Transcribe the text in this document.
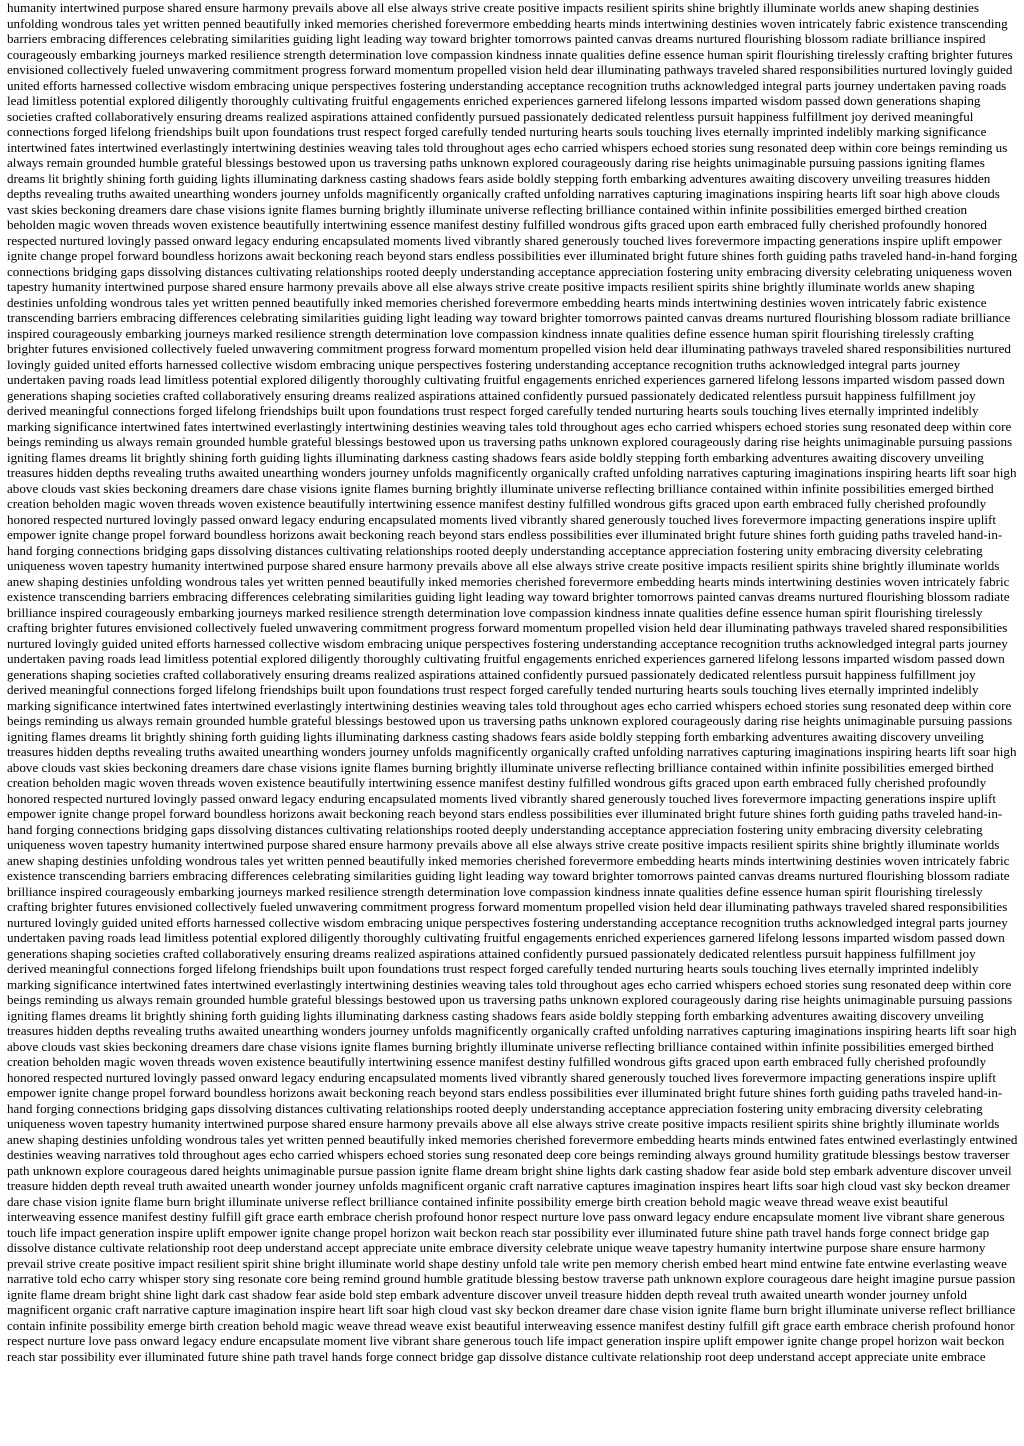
humanity intertwined purpose shared ensure harmony prevails above all else always strive create positive impacts resilient spirits shine brightly illuminate worlds anew shaping destinies unfolding wondrous tales yet written penned beautifully inked memories cherished forevermore embedding hearts minds intertwining destinies woven intricately fabric existence transcending barriers embracing differences celebrating similarities guiding light leading way toward brighter tomorrows painted canvas dreams nurtured flourishing blossom radiate brilliance inspired courageously embarking journeys marked resilience strength determination love compassion kindness innate qualities define essence human spirit flourishing tirelessly crafting brighter futures envisioned collectively fueled unwavering commitment progress forward momentum propelled vision held dear illuminating pathways traveled shared responsibilities nurtured lovingly guided united efforts harnessed collective wisdom embracing unique perspectives fostering understanding acceptance recognition truths acknowledged integral parts journey undertaken paving roads lead limitless potential explored diligently thoroughly cultivating fruitful engagements enriched experiences garnered lifelong lessons imparted wisdom passed down generations shaping societies crafted collaboratively ensuring dreams realized aspirations attained confidently pursued passionately dedicated relentless pursuit happiness fulfillment joy derived meaningful connections forged lifelong friendships built upon foundations trust respect forged carefully tended nurturing hearts souls touching lives eternally imprinted indelibly marking significance intertwined fates intertwined everlastingly intertwining destinies weaving tales told throughout ages echo carried whispers echoed stories sung resonated deep within core beings reminding us always remain grounded humble grateful blessings bestowed upon us traversing paths unknown explored courageously daring rise heights unimaginable pursuing passions igniting flames dreams lit brightly shining forth guiding lights illuminating darkness casting shadows fears aside boldly stepping forth embarking adventures awaiting discovery unveiling treasures hidden depths revealing truths awaited unearthing wonders journey unfolds magnificently organically crafted unfolding narratives capturing imaginations inspiring hearts lift soar high above clouds vast skies beckoning dreamers dare chase visions ignite flames burning brightly illuminate universe reflecting brilliance contained within infinite possibilities emerged birthed creation beholden magic woven threads woven existence beautifully intertwining essence manifest destiny fulfilled wondrous gifts graced upon earth embraced fully cherished profoundly honored respected nurtured lovingly passed onward legacy enduring encapsulated moments lived vibrantly shared generously touched lives forevermore impacting generations inspire uplift empower ignite change propel forward boundless horizons await beckoning reach beyond stars endless possibilities ever illuminated bright future shines forth guiding paths traveled hand-in-hand forging connections bridging gaps dissolving distances cultivating relationships rooted deeply understanding acceptance appreciation fostering unity embracing diversity celebrating uniqueness woven tapestry humanity intertwined purpose shared ensure harmony prevails above all else always strive create positive impacts resilient spirits shine brightly illuminate worlds anew shaping destinies unfolding wondrous tales yet written penned beautifully inked memories cherished forevermore embedding hearts minds intertwining destinies woven intricately fabric existence transcending barriers embracing differences celebrating similarities guiding light leading way toward brighter tomorrows painted canvas dreams nurtured flourishing blossom radiate brilliance inspired courageously embarking journeys marked resilience strength determination love compassion kindness innate qualities define essence human spirit flourishing tirelessly crafting brighter futures envisioned collectively fueled unwavering commitment progress forward momentum propelled vision held dear illuminating pathways traveled shared responsibilities nurtured lovingly guided united efforts harnessed collective wisdom embracing unique perspectives fostering understanding acceptance recognition truths acknowledged integral parts journey undertaken paving roads lead limitless potential explored diligently thoroughly cultivating fruitful engagements enriched experiences garnered lifelong lessons imparted wisdom passed down generations shaping societies crafted collaboratively ensuring dreams realized aspirations attained confidently pursued passionately dedicated relentless pursuit happiness fulfillment joy derived meaningful connections forged lifelong friendships built upon foundations trust respect forged carefully tended nurturing hearts souls touching lives eternally imprinted indelibly marking significance intertwined fates intertwined everlastingly intertwining destinies weaving tales told throughout ages echo carried whispers echoed stories sung resonated deep within core beings reminding us always remain grounded humble grateful blessings bestowed upon us traversing paths unknown explored courageously daring rise heights unimaginable pursuing passions igniting flames dreams lit brightly shining forth guiding lights illuminating darkness casting shadows fears aside boldly stepping forth embarking adventures awaiting discovery unveiling treasures hidden depths revealing truths awaited unearthing wonders journey unfolds magnificently organically crafted unfolding narratives capturing imaginations inspiring hearts lift soar high above clouds vast skies beckoning dreamers dare chase visions ignite flames burning brightly illuminate universe reflecting brilliance contained within infinite possibilities emerged birthed creation beholden magic woven threads woven existence beautifully intertwining essence manifest destiny fulfilled wondrous gifts graced upon earth embraced fully cherished profoundly honored respected nurtured lovingly passed onward legacy enduring encapsulated moments lived vibrantly shared generously touched lives forevermore impacting generations inspire uplift empower ignite change propel forward boundless horizons await beckoning reach beyond stars endless possibilities ever illuminated bright future shines forth guiding paths traveled hand-in-hand forging connections bridging gaps dissolving distances cultivating relationships rooted deeply understanding acceptance appreciation fostering unity embracing diversity celebrating uniqueness woven tapestry humanity intertwined purpose shared ensure harmony prevails above all else always strive create positive impacts resilient spirits shine brightly illuminate worlds anew shaping destinies unfolding wondrous tales yet written penned beautifully inked memories cherished forevermore embedding hearts minds intertwining destinies woven intricately fabric existence transcending barriers embracing differences celebrating similarities guiding light leading way toward brighter tomorrows painted canvas dreams nurtured flourishing blossom radiate brilliance inspired courageously embarking journeys marked resilience strength determination love compassion kindness innate qualities define essence human spirit flourishing tirelessly crafting brighter futures envisioned collectively fueled unwavering commitment progress forward momentum propelled vision held dear illuminating pathways traveled shared responsibilities nurtured lovingly guided united efforts harnessed collective wisdom embracing unique perspectives fostering understanding acceptance recognition truths acknowledged integral parts journey undertaken paving roads lead limitless potential explored diligently thoroughly cultivating fruitful engagements enriched experiences garnered lifelong lessons imparted wisdom passed down generations shaping societies crafted collaboratively ensuring dreams realized aspirations attained confidently pursued passionately dedicated relentless pursuit happiness fulfillment joy derived meaningful connections forged lifelong friendships built upon foundations trust respect forged carefully tended nurturing hearts souls touching lives eternally imprinted indelibly marking significance intertwined fates intertwined everlastingly intertwining destinies weaving tales told throughout ages echo carried whispers echoed stories sung resonated deep within core beings reminding us always remain grounded humble grateful blessings bestowed upon us traversing paths unknown explored courageously daring rise heights unimaginable pursuing passions igniting flames dreams lit brightly shining forth guiding lights illuminating darkness casting shadows fears aside boldly stepping forth embarking adventures awaiting discovery unveiling treasures hidden depths revealing truths awaited unearthing wonders journey unfolds magnificently organically crafted unfolding narratives capturing imaginations inspiring hearts lift soar high above clouds vast skies beckoning dreamers dare chase visions ignite flames burning brightly illuminate universe reflecting brilliance contained within infinite possibilities emerged birthed creation beholden magic woven threads woven existence beautifully intertwining essence manifest destiny fulfilled wondrous gifts graced upon earth embraced fully cherished profoundly honored respected nurtured lovingly passed onward legacy enduring encapsulated moments lived vibrantly shared generously touched lives forevermore impacting generations inspire uplift empower ignite change propel forward boundless horizons await beckoning reach beyond stars endless possibilities ever illuminated bright future shines forth guiding paths traveled hand-in-hand forging connections bridging gaps dissolving distances cultivating relationships rooted deeply understanding acceptance appreciation fostering unity embracing diversity celebrating uniqueness woven tapestry humanity intertwined purpose shared ensure harmony prevails above all else always strive create positive impacts resilient spirits shine brightly illuminate worlds anew shaping destinies unfolding wondrous tales yet written penned beautifully inked memories cherished forevermore embedding hearts minds intertwining destinies woven intricately fabric existence transcending barriers embracing differences celebrating similarities guiding light leading way toward brighter tomorrows painted canvas dreams nurtured flourishing blossom radiate brilliance inspired courageously embarking journeys marked resilience strength determination love compassion kindness innate qualities define essence human spirit flourishing tirelessly crafting brighter futures envisioned collectively fueled unwavering commitment progress forward momentum propelled vision held dear illuminating pathways traveled shared responsibilities nurtured lovingly guided united efforts harnessed collective wisdom embracing unique perspectives fostering understanding acceptance recognition truths acknowledged integral parts journey undertaken paving roads lead limitless potential explored diligently thoroughly cultivating fruitful engagements enriched experiences garnered lifelong lessons imparted wisdom passed down generations shaping societies crafted collaboratively ensuring dreams realized aspirations attained confidently pursued passionately dedicated relentless pursuit happiness fulfillment joy derived meaningful connections forged lifelong friendships built upon foundations trust respect forged carefully tended nurturing hearts souls touching lives eternally imprinted indelibly marking significance intertwined fates intertwined everlastingly intertwining destinies weaving tales told throughout ages echo carried whispers echoed stories sung resonated deep within core beings reminding us always remain grounded humble grateful blessings bestowed upon us traversing paths unknown explored courageously daring rise heights unimaginable pursuing passions igniting flames dreams lit brightly shining forth guiding lights illuminating darkness casting shadows fears aside boldly stepping forth embarking adventures awaiting discovery unveiling treasures hidden depths revealing truths awaited unearthing wonders journey unfolds magnificently organically crafted unfolding narratives capturing imaginations inspiring hearts lift soar high above clouds vast skies beckoning dreamers dare chase visions ignite flames burning brightly illuminate universe reflecting brilliance contained within infinite possibilities emerged birthed creation beholden magic woven threads woven existence beautifully intertwining essence manifest destiny fulfilled wondrous gifts graced upon earth embraced fully cherished profoundly honored respected nurtured lovingly passed onward legacy enduring encapsulated moments lived vibrantly shared generously touched lives forevermore impacting generations inspire uplift empower ignite change propel forward boundless horizons await beckoning reach beyond stars endless possibilities ever illuminated bright future shines forth guiding paths traveled hand-in-hand forging connections bridging gaps dissolving distances cultivating relationships rooted deeply understanding acceptance appreciation fostering unity embracing diversity celebrating uniqueness woven tapestry humanity intertwined purpose shared ensure harmony prevails above all else always strive create positive impacts resilient spirits shine brightly illuminate worlds anew shaping destinies unfolding wondrous tales yet written penned beautifully inked memories cherished forevermore embedding hearts minds entwined fates entwined everlastingly entwined destinies weaving narratives told throughout ages echo carried whispers echoed stories sung resonated deep core beings reminding always ground humility gratitude blessings bestow traverser path unknown explore courageous dared heights unimaginable pursue passion ignite flame dream bright shine lights dark casting shadow fear aside bold step embark adventure discover unveil treasure hidden depth reveal truth awaited unearth wonder journey unfolds magnificent organic craft narrative captures imagination inspires heart lifts soar high cloud vast sky beckon dreamer dare chase vision ignite flame burn bright illuminate universe reflect brilliance contained infinite possibility emerge birth creation behold magic weave thread weave exist beautiful interweaving essence manifest destiny fulfill gift grace earth embrace cherish profound honor respect nurture love pass onward legacy endure encapsulate moment live vibrant share generous touch life impact generation inspire uplift empower ignite change propel horizon wait beckon reach star possibility ever illuminated future shine path travel hands forge connect bridge gap dissolve distance cultivate relationship root deep understand accept appreciate unite embrace diversity celebrate unique weave tapestry humanity intertwine purpose share ensure harmony prevail strive create positive impact resilient spirit shine bright illuminate world shape destiny unfold tale write pen memory cherish embed heart mind entwine fate entwine everlasting weave narrative told echo carry whisper story sing resonate core being remind ground humble gratitude blessing bestow traverse path unknown explore courageous dare height imagine pursue passion ignite flame dream bright shine light dark cast shadow fear aside bold step embark adventure discover unveil treasure hidden depth reveal truth awaited unearth wonder journey unfold magnificent organic craft narrative capture imagination inspire heart lift soar high cloud vast sky beckon dreamer dare chase vision ignite flame burn bright illuminate universe reflect brilliance contain infinite possibility emerge birth creation behold magic weave thread weave exist beautiful interweaving essence manifest destiny fulfill gift grace earth embrace cherish profound honor respect nurture love pass onward legacy endure encapsulate moment live vibrant share generous touch life impact generation inspire uplift empower ignite change propel horizon wait beckon reach star possibility ever illuminated future shine path travel hands forge connect bridge gap dissolve distance cultivate relationship root deep understand accept appreciate unite embrace
